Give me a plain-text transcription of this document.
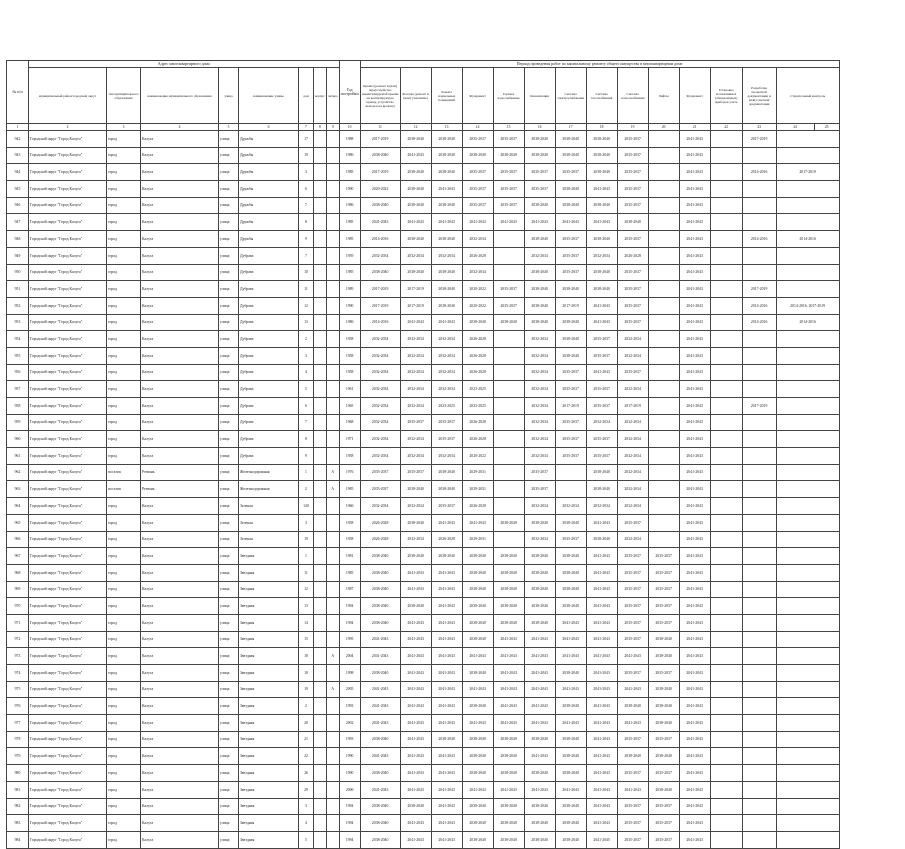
№ п/п	Адрес многоквартирного дома								Год постройки	Период проведения работ по капитальному ремонту общего имущества в многоквартирном доме														
	муниципальный район/городской округ	тип муниципального образования	наименование муниципального образования	улица	наименование улицы	дом	корпус	литера		Крыша (ремонт и (или) переустройство невентилируемой крыши на вентилируемую крышу, устройство выходов на кровлю)	Фасады (ремонт и (или) утепление)	Ремонт подвальных помещений	Фундамент	Горячее водоснабжение	Канализация	Система электроснабжения	Система газоснабжения	Система теплоснабжения	Лифты	Фундамент	Установка коллективных (общедомовых) приборов учета	Разработка проектной документации и (или) сметной документации	Строительный контроль	
1	2	3	4	5	6	7	8	9	10	11	12	13	14	15	16	17	18	19	20	21	22	23	24	25
942	Городской округ "Город Калуга"	город	Калуга	улица	Дружбы	17			1988	2017-2019	2038-2040	2038-2040	2035-2037	2035-2037	2038-2040	2038-2040	2038-2040	2035-2037		2041-2043		2017-2019		
943	Городской округ "Город Калуга"	город	Калуга	улица	Дружбы	19			1986	2038-2040	2041-2043	2038-2040	2038-2040	2038-2040	2038-2040	2038-2040	2038-2040	2035-2037		2041-2043				
944	Городской округ "Город Калуга"	город	Калуга	улица	Дружбы	3			1985	2017-2019	2038-2040	2038-2040	2035-2037	2035-2037	2035-2037	2035-2037	2038-2040	2035-2037		2041-2043		2014-2016	2017-2019	
945	Городской округ "Город Калуга"	город	Калуга	улица	Дружбы	6			1990	2020-2022	2038-2040	2041-2043	2035-2037	2035-2037	2035-2037	2038-2040	2041-2043	2035-2037		2041-2043				
946	Городской округ "Город Калуга"	город	Калуга	улица	Дружбы	7			1986	2038-2040	2038-2040	2038-2040	2035-2037	2035-2037	2038-2040	2038-2040	2038-2040	2035-2037		2041-2043				
947	Городской округ "Город Калуга"	город	Калуга	улица	Дружбы	8			1985	2041-2043	2041-2043	2041-2043	2041-2043	2041-2043	2041-2043	2041-2043	2041-2043	2038-2040		2041-2043				
948	Городской округ "Город Калуга"	город	Калуга	улица	Дружбы	9			1985	2014-2016	2038-2040	2038-2040	2032-2034		2038-2040	2035-2037	2038-2040	2035-2037		2041-2043		2014-2016	2014-2016	
949	Городской округ "Город Калуга"	город	Калуга	улица	Дубрава	7			1959	2032-2034	2032-2034	2032-2034	2026-2028		2032-2034	2035-2037	2032-2034	2026-2028		2041-2043				
950	Городской округ "Город Калуга"	город	Калуга	улица	Дубрава	10			1985	2038-2040	2038-2040	2038-2040	2032-2034		2038-2040	2035-2037	2038-2040	2035-2037		2041-2043				
951	Городской округ "Город Калуга"	город	Калуга	улица	Дубрава	11			1989	2017-2019	2017-2019	2038-2040	2020-2022	2035-2037	2038-2040	2038-2040	2038-2040	2035-2037		2041-2043		2017-2019		
952	Городской округ "Город Калуга"	город	Калуга	улица	Дубрава	12			1990	2017-2019	2017-2019	2038-2040	2020-2022	2035-2037	2038-2040	2017-2019	2041-2043	2035-2037		2041-2043		2014-2016	2014-2016, 2017-2019	
953	Городской округ "Город Калуга"	город	Калуга	улица	Дубрава	13			1986	2014-2016	2041-2043	2041-2043	2038-2040	2038-2040	2038-2040	2038-2040	2041-2043	2035-2037		2041-2043		2014-2016	2014-2016	
954	Городской округ "Город Калуга"	город	Калуга	улица	Дубрава	2			1958	2032-2034	2032-2034	2032-2034	2026-2028		2032-2034	2038-2040	2035-2037	2032-2034		2041-2043				
955	Городской округ "Город Калуга"	город	Калуга	улица	Дубрава	3			1958	2032-2034	2032-2034	2032-2034	2026-2028		2032-2034	2038-2040	2035-2037	2032-2034		2041-2043				
956	Городской округ "Город Калуга"	город	Калуга	улица	Дубрава	4			1958	2032-2034	2032-2034	2032-2034	2026-2028		2032-2034	2035-2037	2041-2043	2035-2037		2041-2043				
957	Городской округ "Город Калуга"	город	Калуга	улица	Дубрава	5			1961	2032-2034	2032-2034	2032-2034	2023-2025		2032-2034	2035-2037	2035-2037	2032-2034		2041-2043				
958	Городской округ "Город Калуга"	город	Калуга	улица	Дубрава	6			1965	2032-2034	2032-2034	2023-2025	2023-2025		2032-2034	2017-2019	2035-2037	2017-2019		2041-2043		2017-2019		
959	Городской округ "Город Калуга"	город	Калуга	улица	Дубрава	7			1968	2032-2034	2035-2037	2035-2037	2026-2028		2032-2034	2035-2037	2032-2034	2032-2034		2041-2043				
960	Городской округ "Город Калуга"	город	Калуга	улица	Дубрава	8			1971	2032-2034	2032-2034	2035-2037	2026-2028		2032-2034	2035-2037	2035-2037	2032-2034		2041-2043				
961	Городской округ "Город Калуга"	город	Калуга	улица	Дубрава	9			1958	2032-2034	2032-2034	2032-2034	2020-2022		2032-2034	2035-2037	2035-2037	2032-2034		2041-2043				
962	Городской округ "Город Калуга"	поселок	Резвань	улица	Железнодорожная	1		А	1976	2035-2037	2035-2037	2038-2040	2029-2031		2035-2037		2038-2040	2032-2034		2041-2043				
963	Городской округ "Город Калуга"	поселок	Резвань	улица	Железнодорожная	2		А	1985	2035-2037	2038-2040	2038-2040	2029-2031		2035-2037		2038-2040	2032-2034		2041-2043				
964	Городской округ "Город Калуга"	город	Калуга	улица	Зеленая	140			1966	2032-2034	2032-2034	2035-2037	2026-2028		2032-2034	2032-2034	2032-2034	2032-2034		2041-2043				
965	Городской округ "Город Калуга"	город	Калуга	улица	Зеленая	3			1958	2026-2028	2038-2040	2041-2043	2041-2043	2038-2040	2038-2040	2038-2040	2041-2043	2035-2037		2041-2043				
966	Городской округ "Город Калуга"	город	Калуга	улица	Зеленая	19			1958	2026-2028	2032-2034	2026-2028	2029-2031		2032-2034	2035-2037	2038-2040	2032-2034		2041-2043				
967	Городской округ "Город Калуга"	город	Калуга	улица	Звездная	1			1981	2038-2040	2038-2040	2038-2040	2038-2040	2038-2040	2038-2040	2038-2040	2041-2043	2035-2037	2035-2037	2041-2043				
968	Городской округ "Город Калуга"	город	Калуга	улица	Звездная	11			1985	2038-2040	2041-2043	2041-2043	2038-2040	2038-2040	2038-2040	2038-2040	2041-2043	2035-2037	2035-2037	2041-2043				
969	Городской округ "Город Калуга"	город	Калуга	улица	Звездная	12			1987	2038-2040	2041-2043	2041-2043	2038-2040	2038-2040	2038-2040	2038-2040	2041-2043	2035-2037	2035-2037	2041-2043				
970	Городской округ "Город Калуга"	город	Калуга	улица	Звездная	13			1994	2038-2040	2038-2040	2041-2043	2038-2040	2038-2040	2038-2040	2038-2040	2041-2043	2035-2037	2035-2037	2041-2043				
971	Городской округ "Город Калуга"	город	Калуга	улица	Звездная	14			1994	2038-2040	2041-2043	2041-2043	2038-2040	2038-2040	2038-2040	2041-2043	2041-2043	2035-2037	2035-2037	2041-2043				
972	Городской округ "Город Калуга"	город	Калуга	улица	Звездная	15			1995	2041-2043	2041-2043	2041-2043	2038-2040	2041-2043	2041-2043	2041-2043	2041-2043	2035-2037	2038-2040	2041-2043				
973	Городской округ "Город Калуга"	город	Калуга	улица	Звездная	18		А	2004	2041-2043	2041-2043	2041-2043	2041-2043	2041-2043	2041-2043	2041-2043	2041-2043	2041-2043	2038-2040	2041-2043				
974	Городской округ "Город Калуга"	город	Калуга	улица	Звездная	18			1998	2038-2040	2041-2043	2041-2043	2038-2040	2041-2043	2041-2043	2038-2040	2041-2043	2035-2037	2035-2037	2041-2043				
975	Городской округ "Город Калуга"	город	Калуга	улица	Звездная	19		А	2005	2041-2043	2041-2043	2041-2043	2041-2043	2041-2043	2041-2043	2041-2043	2041-2043	2041-2043	2038-2040	2041-2043				
976	Городской округ "Город Калуга"	город	Калуга	улица	Звездная	2			1993	2041-2043	2041-2043	2041-2043	2038-2040	2041-2043	2041-2043	2038-2040	2041-2043	2038-2040	2038-2040	2041-2043				
977	Городской округ "Город Калуга"	город	Калуга	улица	Звездная	20			2002	2041-2043	2041-2043	2041-2043	2041-2043	2041-2043	2041-2043	2041-2043	2041-2043	2041-2043	2038-2040	2041-2043				
978	Городской округ "Город Калуга"	город	Калуга	улица	Звездная	21			1993	2038-2040	2041-2043	2038-2040	2038-2040	2038-2040	2038-2040	2038-2040	2041-2043	2035-2037	2035-2037	2041-2043				
979	Городской округ "Город Калуга"	город	Калуга	улица	Звездная	22			1990	2041-2043	2041-2043	2041-2043	2038-2040	2038-2040	2041-2043	2038-2040	2041-2043	2038-2040	2038-2040	2041-2043				
980	Городской округ "Город Калуга"	город	Калуга	улица	Звездная	26			1990	2038-2040	2041-2043	2041-2043	2038-2040	2038-2040	2038-2040	2038-2040	2041-2043	2035-2037	2035-2037	2041-2043				
981	Городской округ "Город Калуга"	город	Калуга	улица	Звездная	29			2006	2041-2043	2041-2043	2041-2043	2041-2043	2041-2043	2041-2043	2041-2043	2041-2043	2041-2043	2038-2040	2041-2043				
982	Городской округ "Город Калуга"	город	Калуга	улица	Звездная	3			1994	2038-2040	2038-2040	2041-2043	2038-2040	2038-2040	2038-2040	2038-2040	2041-2043	2035-2037	2035-2037	2041-2043				
983	Городской округ "Город Калуга"	город	Калуга	улица	Звездная	4			1994	2038-2040	2041-2043	2041-2043	2038-2040	2038-2040	2038-2040	2038-2040	2041-2043	2035-2037	2035-2037	2041-2043				
984	Городской округ "Город Калуга"	город	Калуга	улица	Звездная	5			1994	2038-2040	2041-2043	2041-2043	2038-2040	2038-2040	2038-2040	2038-2040	2041-2045	2035-2037	2035-2037	2041-2043				
